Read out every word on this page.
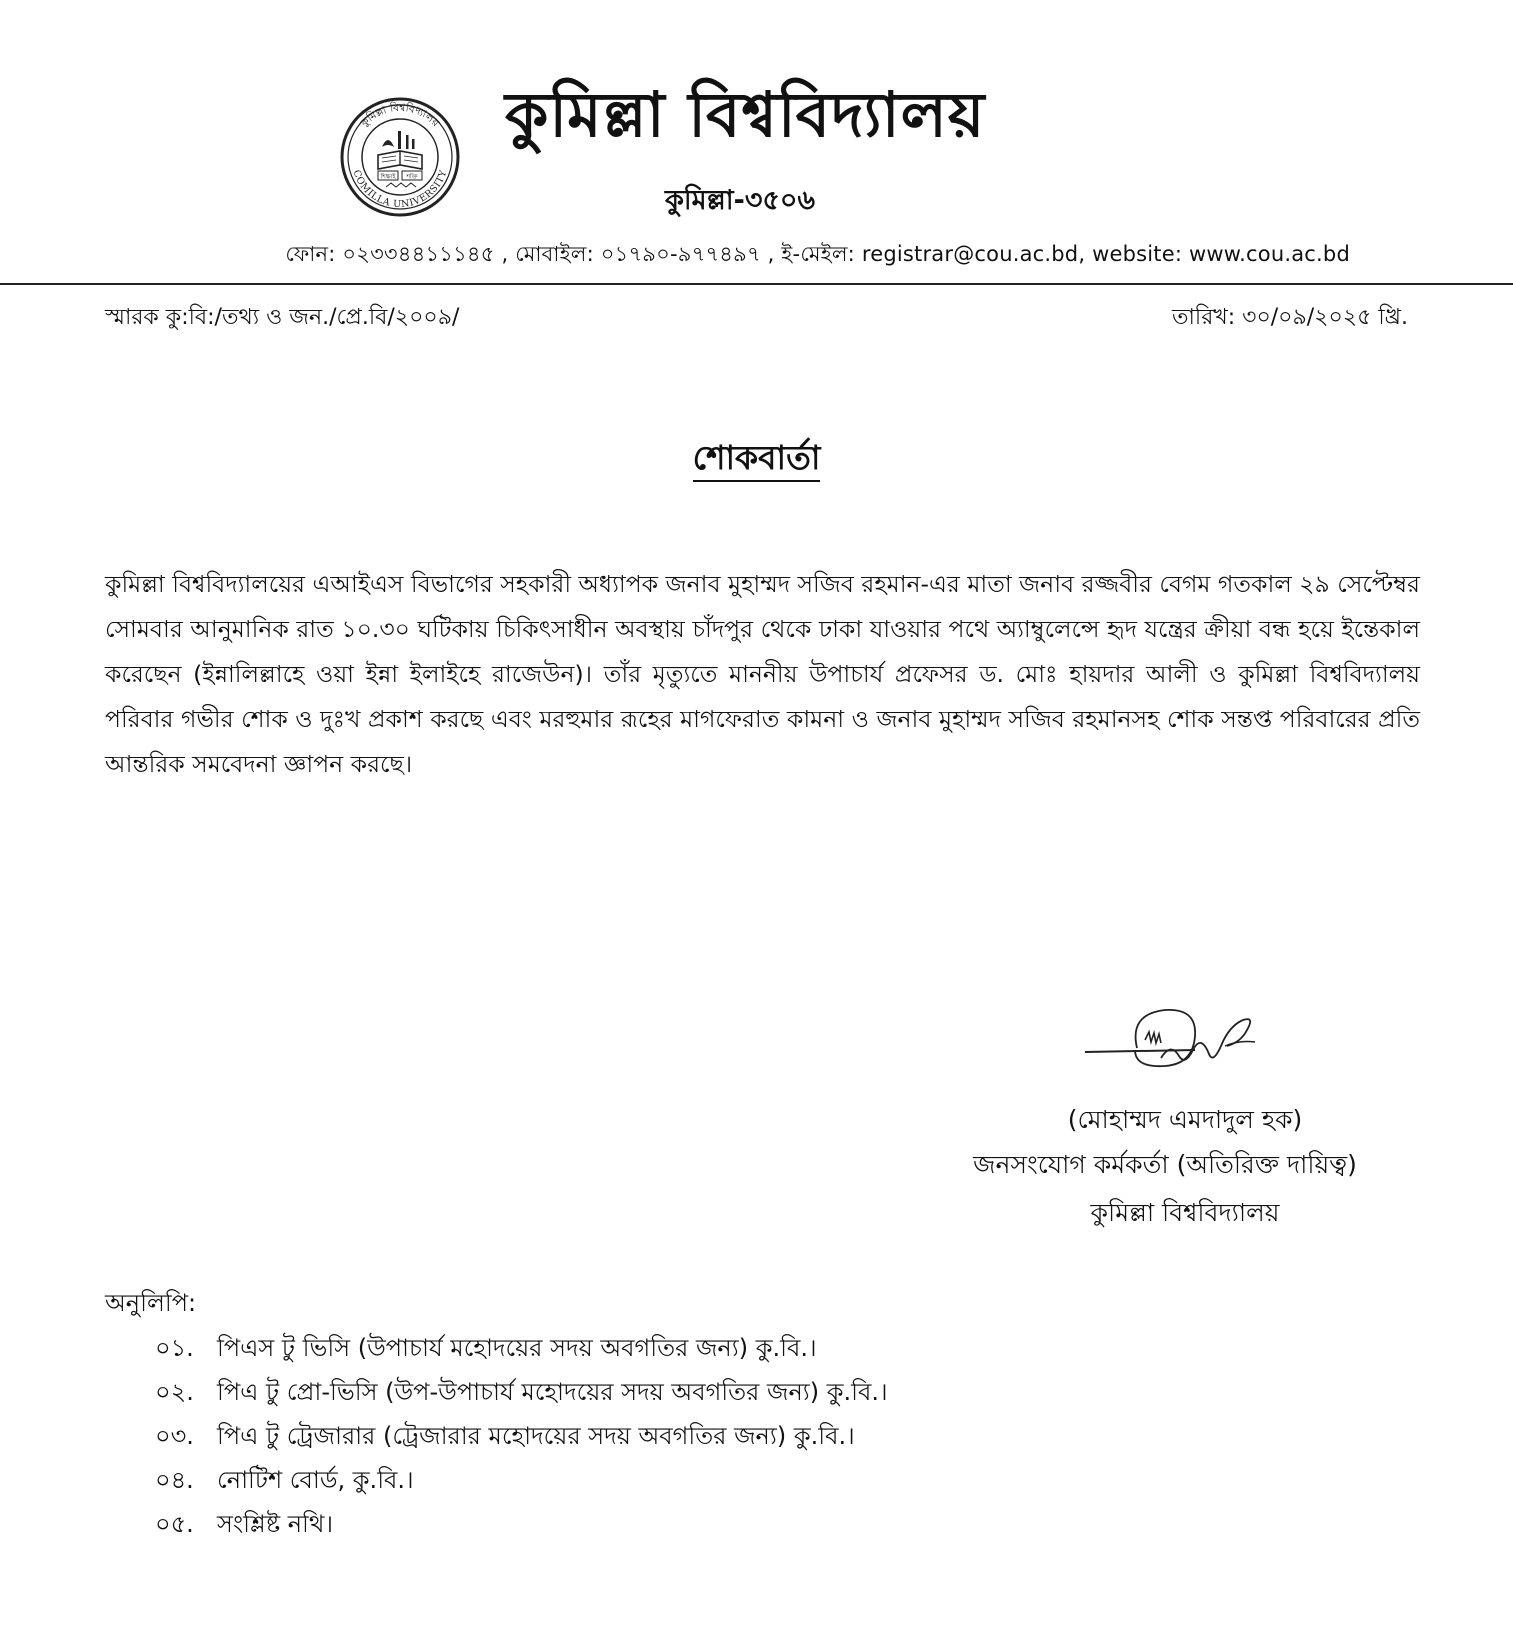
কুমিল্লা বিশ্ববিদ্যালয়
COMILLA UNIVERSITY
শিক্ষাই শক্তি
কুমিল্লা বিশ্ববিদ্যালয়
কুমিল্লা-৩৫০৬
ফোন: ০২৩৩৪৪১১১৪৫ , মোবাইল: ০১৭৯০-৯৭৭৪৯৭ , ই-মেইল: registrar@cou.ac.bd, website: www.cou.ac.bd
স্মারক কু:বি:/তথ্য ও জন./প্রে.বি/২০০৯/	তারিখ: ৩০/০৯/২০২৫ খ্রি.
শোকবার্তা

কুমিল্লা বিশ্ববিদ্যালয়ের এআইএস বিভাগের সহকারী অধ্যাপক জনাব মুহাম্মদ সজিব রহমান-এর মাতা জনাব রজ্জবীর বেগম গতকাল ২৯ সেপ্টেম্বর সোমবার আনুমানিক রাত ১০.৩০ ঘটিকায় চিকিৎসাধীন অবস্থায় চাঁদপুর থেকে ঢাকা যাওয়ার পথে অ্যাম্বুলেন্সে হৃদ যন্ত্রের ক্রীয়া বন্ধ হয়ে ইন্তেকাল করেছেন (ইন্নালিল্লাহে ওয়া ইন্না ইলাইহে রাজেউন)। তাঁর মৃত্যুতে মাননীয় উপাচার্য প্রফেসর ড. মোঃ হায়দার আলী ও কুমিল্লা বিশ্ববিদ্যালয় পরিবার গভীর শোক ও দুঃখ প্রকাশ করছে এবং মরহুমার রূহের মাগফেরাত কামনা ও জনাব মুহাম্মদ সজিব রহমানসহ শোক সন্তপ্ত পরিবারের প্রতি আন্তরিক সমবেদনা জ্ঞাপন করছে।

(মোহাম্মদ এমদাদুল হক)
জনসংযোগ কর্মকর্তা (অতিরিক্ত দায়িত্ব)
কুমিল্লা বিশ্ববিদ্যালয়
অনুলিপি:
০১. পিএস টু ভিসি (উপাচার্য মহোদয়ের সদয় অবগতির জন্য) কু.বি.।
০২. পিএ টু প্রো-ভিসি (উপ-উপাচার্য মহোদয়ের সদয় অবগতির জন্য) কু.বি.।
০৩. পিএ টু ট্রেজারার (ট্রেজারার মহোদয়ের সদয় অবগতির জন্য) কু.বি.।
০৪. নোটিশ বোর্ড, কু.বি.।
০৫. সংশ্লিষ্ট নথি।
